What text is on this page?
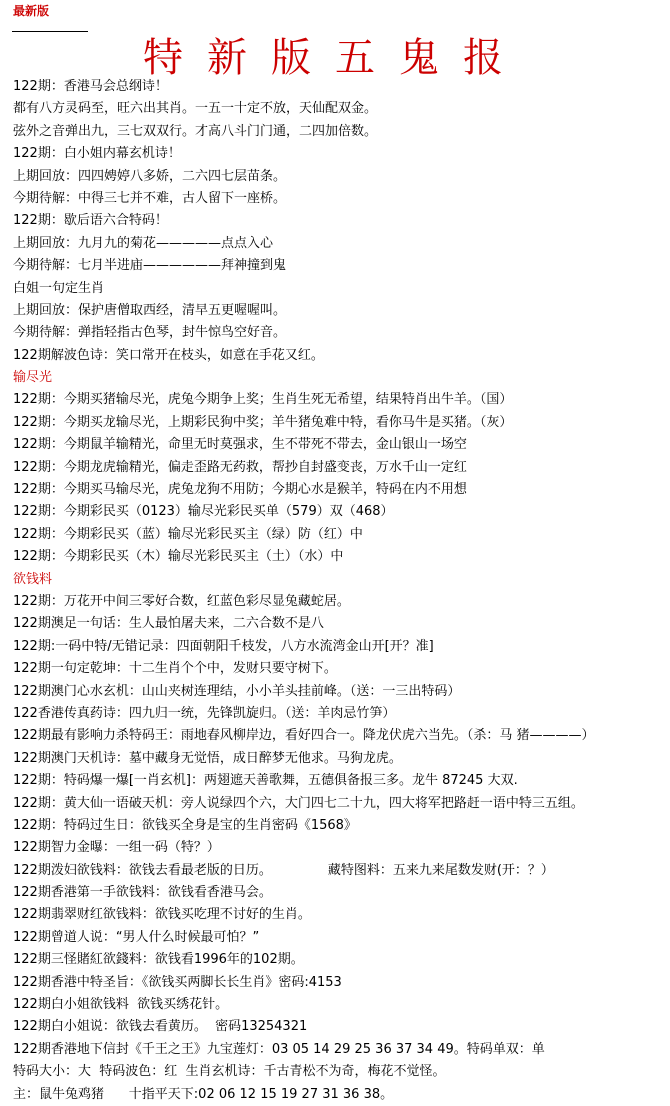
最新版
特新版五鬼报
122期：香港马会总纲诗！
都有八方灵码至，旺六出其肖。一五一十定不放，天仙配双金。
弦外之音弹出九，三七双双行。才高八斗门门通，二四加倍数。
122期：白小姐内幕玄机诗！
上期回放：四四娉婷八多娇，二六四七层苗条。
今期待解：中得三七并不难，古人留下一座桥。
122期：歇后语六合特码！
上期回放：九月九的菊花—————点点入心
今期待解：七月半进庙——————拜神撞到鬼
白姐一句定生肖
上期回放：保护唐僧取西经，清早五更喔喔叫。
今期待解：弹指轻指古色琴，封牛惊鸟空好音。
122期解波色诗：笑口常开在枝头，如意在手花又红。
输尽光
122期：今期买猪输尽光，虎兔今期争上奖；生肖生死无希望，结果特肖出牛羊。（国）
122期：今期买龙输尽光，上期彩民狗中奖；羊牛猪兔难中特，看你马牛是买猪。（灰）
122期：今期鼠羊输精光，命里无时莫强求，生不带死不带去，金山银山一场空
122期：今期龙虎输精光，偏走歪路无药救，帮抄自封盛变丧，万水千山一定红
122期：今期买马输尽光，虎兔龙狗不用防；今期心水是猴羊，特码在内不用想
122期：今期彩民买（0123）输尽光彩民买单（579）双（468）
122期：今期彩民买（蓝）输尽光彩民买主（绿）防（红）中
122期：今期彩民买（木）输尽光彩民买主（土）（水）中
欲钱料
122期：万花开中间三零好合数，红蓝色彩尽显兔藏蛇居。
122期澳足一句话：生人最怕屠夫来，二六合数不是八
122期:一码中特/无错记录：四面朝阳千枝发，八方水流湾金山开[开？准]
122期一句定乾坤：十二生肖个个中，发财只要守树下。
122期澳门心水玄机：山山夹树连理结，小小羊头挂前峰。（送：一三出特码）
122香港传真药诗：四九归一统，先锋凯旋归。（送：羊肉忌竹笋）
122期最有影响力杀特码王：雨地春风柳岸边，看好四合一。降龙伏虎六当先。（杀：马 猪————）
122期澳门天机诗：墓中藏身无觉悟，成日醉梦无他求。马狗龙虎。
122期：特码爆一爆[一肖玄机]：两翅遮天善歌舞，五德俱备报三多。龙牛 87245 大双.
122期：黄大仙一语破天机：旁人说绿四个六，大门四七二十九，四大将军把路赶一语中特三五组。
122期：特码过生日：欲钱买全身是宝的生肖密码《1568》
122期智力金曝：一组一码（特？）
122期泼妇欲钱料：欲钱去看最老版的日历。	藏特图料：五来九来尾数发财(开：？）
122期香港第一手欲钱料：欲钱看香港马会。
122期翡翠财红欲钱料：欲钱买吃理不讨好的生肖。
122期曾道人说：“男人什么时候最可怕？”
122期三怪賭紅欲錢料：欲钱看1996年的102期。
122期香港中特圣旨：《欲钱买两脚长长生肖》密码:4153
122期白小姐欲钱料  欲钱买绣花针。
122期白小姐说：欲钱去看黄历。  密码13254321
122期香港地下信封《千王之王》九宝莲灯：03 05 14 29 25 36 37 34 49。特码单双：单
特码大小：大  特码波色：红  生肖玄机诗：千古青松不为奇，梅花不觉怪。
主：鼠牛兔鸡猪      十指平天下:02 06 12 15 19 27 31 36 38。
